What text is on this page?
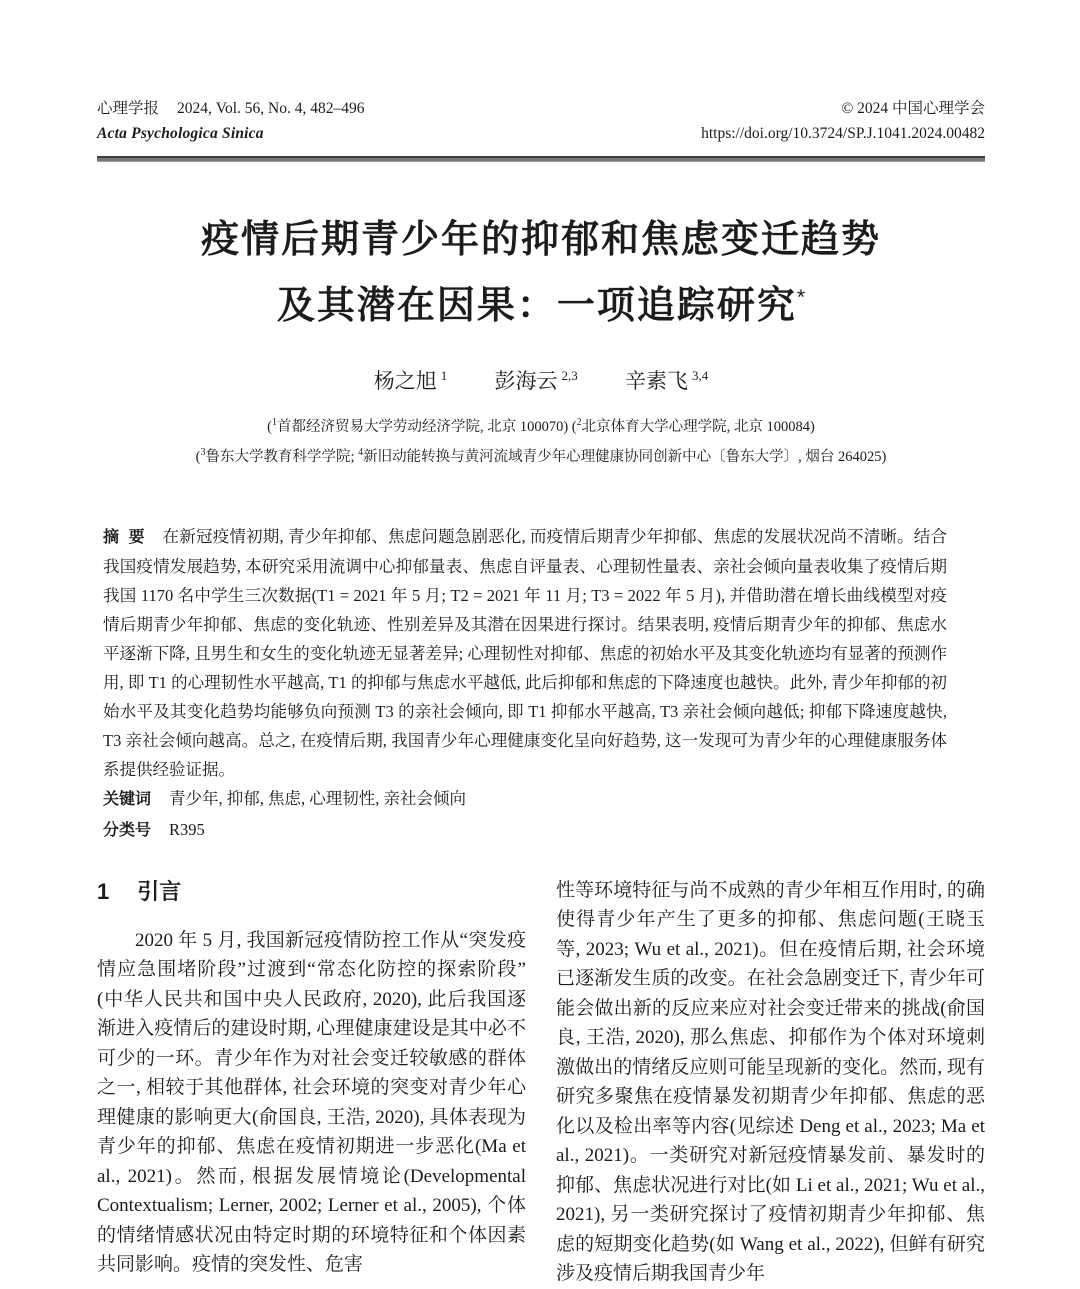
心理学报 2024, Vol. 56, No. 4, 482–496
Acta Psychologica Sinica
© 2024 中国心理学会
https://doi.org/10.3724/SP.J.1041.2024.00482
疫情后期青少年的抑郁和焦虑变迁趋势
及其潜在因果：一项追踪研究*
杨之旭 $^1$ 彭海云 $^{2,3}$ 辛素飞 $^{3,4}$
($^1$首都经济贸易大学劳动经济学院, 北京 100070) ($^2$北京体育大学心理学院, 北京 100084)
($^3$鲁东大学教育科学学院; $^4$新旧动能转换与黄河流域青少年心理健康协同创新中心〔鲁东大学〕, 烟台 264025)

摘  要 在新冠疫情初期, 青少年抑郁、焦虑问题急剧恶化, 而疫情后期青少年抑郁、焦虑的发展状况尚不清晰。结合我国疫情发展趋势, 本研究采用流调中心抑郁量表、焦虑自评量表、心理韧性量表、亲社会倾向量表收集了疫情后期我国 1170 名中学生三次数据(T1 = 2021 年 5 月; T2 = 2021 年 11 月; T3 = 2022 年 5 月), 并借助潜在增长曲线模型对疫情后期青少年抑郁、焦虑的变化轨迹、性别差异及其潜在因果进行探讨。结果表明, 疫情后期青少年的抑郁、焦虑水平逐渐下降, 且男生和女生的变化轨迹无显著差异; 心理韧性对抑郁、焦虑的初始水平及其变化轨迹均有显著的预测作用, 即 T1 的心理韧性水平越高, T1 的抑郁与焦虑水平越低, 此后抑郁和焦虑的下降速度也越快。此外, 青少年抑郁的初始水平及其变化趋势均能够负向预测 T3 的亲社会倾向, 即 T1 抑郁水平越高, T3 亲社会倾向越低; 抑郁下降速度越快, T3 亲社会倾向越高。总之, 在疫情后期, 我国青少年心理健康变化呈向好趋势, 这一发现可为青少年的心理健康服务体系提供经验证据。

关键词 青少年, 抑郁, 焦虑, 心理韧性, 亲社会倾向

分类号 R395

1 引言

2020 年 5 月, 我国新冠疫情防控工作从“突发疫情应急围堵阶段”过渡到“常态化防控的探索阶段” (中华人民共和国中央人民政府, 2020), 此后我国逐渐进入疫情后的建设时期, 心理健康建设是其中必不可少的一环。青少年作为对社会变迁较敏感的群体之一, 相较于其他群体, 社会环境的突变对青少年心理健康的影响更大(俞国良, 王浩, 2020), 具体表现为青少年的抑郁、焦虑在疫情初期进一步恶化(Ma et al., 2021)。然而, 根据发展情境论(Developmental Contextualism; Lerner, 2002; Lerner et al., 2005), 个体的情绪情感状况由特定时期的环境特征和个体因素共同影响。疫情的突发性、危害

性等环境特征与尚不成熟的青少年相互作用时, 的确使得青少年产生了更多的抑郁、焦虑问题(王晓玉 等, 2023; Wu et al., 2021)。但在疫情后期, 社会环境已逐渐发生质的改变。在社会急剧变迁下, 青少年可能会做出新的反应来应对社会变迁带来的挑战(俞国良, 王浩, 2020), 那么焦虑、抑郁作为个体对环境刺激做出的情绪反应则可能呈现新的变化。然而, 现有研究多聚焦在疫情暴发初期青少年抑郁、焦虑的恶化以及检出率等内容(见综述 Deng et al., 2023; Ma et al., 2021)。一类研究对新冠疫情暴发前、暴发时的抑郁、焦虑状况进行对比(如 Li et al., 2021; Wu et al., 2021), 另一类研究探讨了疫情初期青少年抑郁、焦虑的短期变化趋势(如 Wang et al., 2022), 但鲜有研究涉及疫情后期我国青少年
